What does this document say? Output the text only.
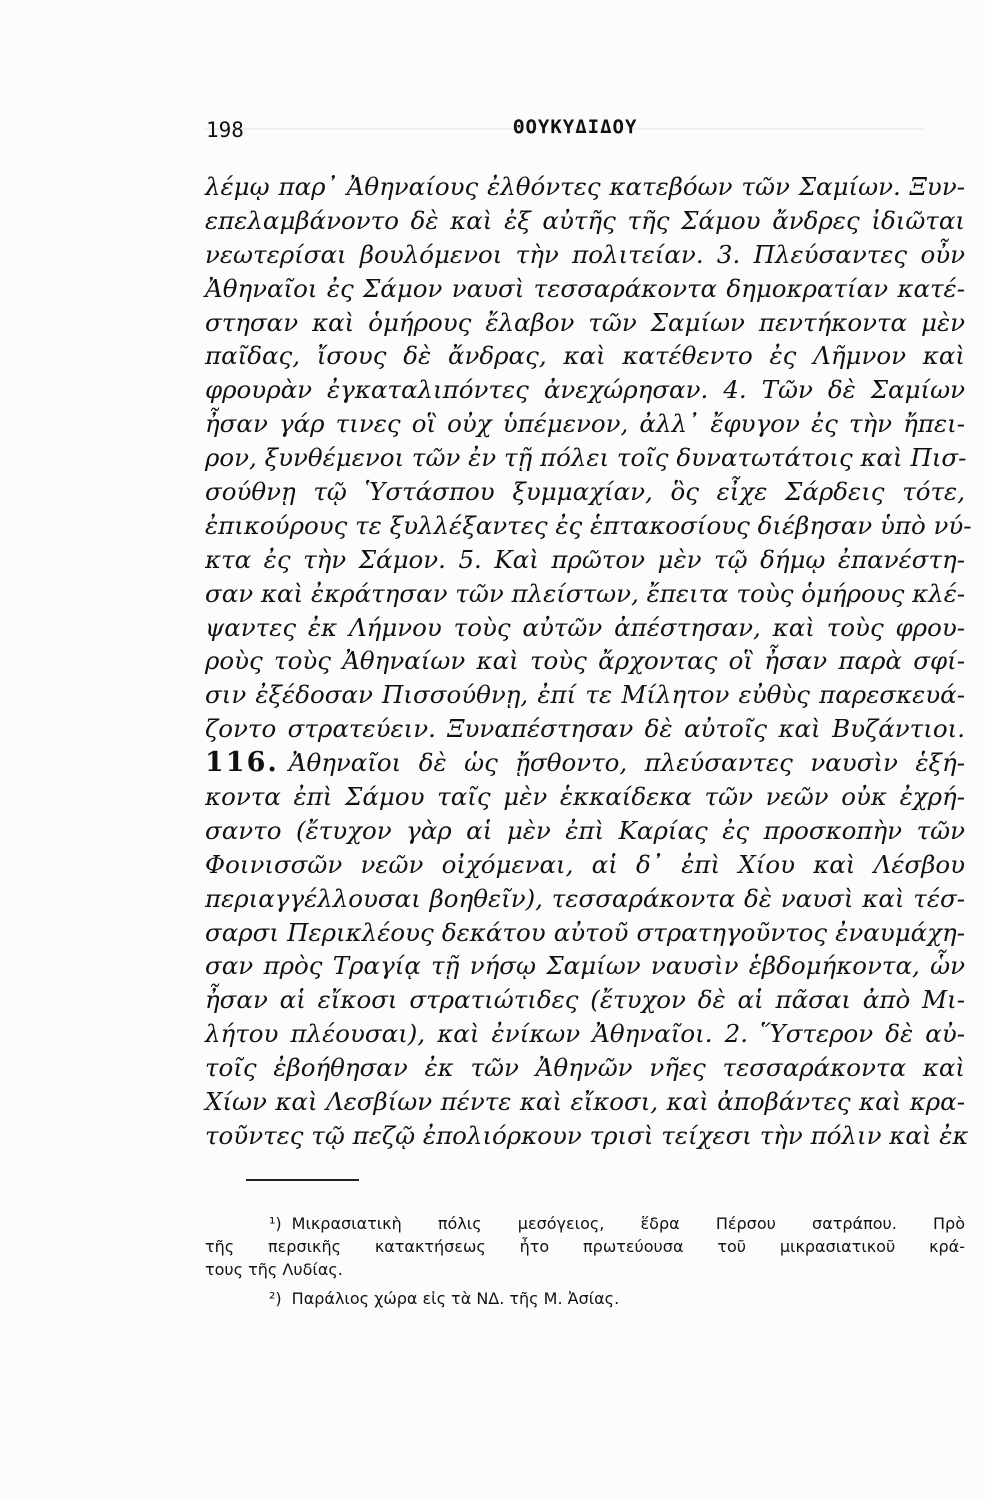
198	ΘΟΥΚΥΔΙΔΟΥ
λέμῳ παρ᾽ Ἀθηναίους ἐλθόντες κατεβόων τῶν Σαμίων. Ξυν-
επελαμβάνοντο δὲ καὶ ἐξ αὐτῆς τῆς Σάμου ἄνδρες ἰδιῶται
νεωτερίσαι βουλόμενοι τὴν πολιτείαν. 3. Πλεύσαντες οὖν
Ἀθηναῖοι ἐς Σάμον ναυσὶ τεσσαράκοντα δημοκρατίαν κατέ-
στησαν καὶ ὁμήρους ἔλαβον τῶν Σαμίων πεντήκοντα μὲν
παῖδας, ἴσους δὲ ἄνδρας, καὶ κατέθεντο ἐς Λῆμνον καὶ
φρουρὰν ἐγκαταλιπόντες ἀνεχώρησαν. 4. Τῶν δὲ Σαμίων
ἦσαν γάρ τινες οἳ οὐχ ὑπέμενον, ἀλλ᾽ ἔφυγον ἐς τὴν ἤπει-
ρον, ξυνθέμενοι τῶν ἐν τῇ πόλει τοῖς δυνατωτάτοις καὶ Πισ-
σούθνῃ τῷ Ὑστάσπου ξυμμαχίαν, ὃς εἶχε Σάρδεις τότε,
ἐπικούρους τε ξυλλέξαντες ἐς ἑπτακοσίους διέβησαν ὑπὸ νύ-
κτα ἐς τὴν Σάμον. 5. Καὶ πρῶτον μὲν τῷ δήμῳ ἐπανέστη-
σαν καὶ ἐκράτησαν τῶν πλείστων, ἔπειτα τοὺς ὁμήρους κλέ-
ψαντες ἐκ Λήμνου τοὺς αὐτῶν ἀπέστησαν, καὶ τοὺς φρου-
ροὺς τοὺς Ἀθηναίων καὶ τοὺς ἄρχοντας οἳ ἦσαν παρὰ σφί-
σιν ἐξέδοσαν Πισσούθνῃ, ἐπί τε Μίλητον εὐθὺς παρεσκευά-
ζοντο στρατεύειν. Ξυναπέστησαν δὲ αὐτοῖς καὶ Βυζάντιοι.
116. Ἀθηναῖοι δὲ ὡς ᾔσθοντο, πλεύσαντες ναυσὶν ἑξή-
κοντα ἐπὶ Σάμου ταῖς μὲν ἑκκαίδεκα τῶν νεῶν οὐκ ἐχρή-
σαντο (ἔτυχον γὰρ αἱ μὲν ἐπὶ Καρίας ἐς προσκοπὴν τῶν
Φοινισσῶν νεῶν οἰχόμεναι, αἱ δ᾽ ἐπὶ Χίου καὶ Λέσβου
περιαγγέλλουσαι βοηθεῖν), τεσσαράκοντα δὲ ναυσὶ καὶ τέσ-
σαρσι Περικλέους δεκάτου αὐτοῦ στρατηγοῦντος ἐναυμάχη-
σαν πρὸς Τραγίᾳ τῇ νήσῳ Σαμίων ναυσὶν ἑβδομήκοντα, ὧν
ἦσαν αἱ εἴκοσι στρατιώτιδες (ἔτυχον δὲ αἱ πᾶσαι ἀπὸ Μι-
λήτου πλέουσαι), καὶ ἐνίκων Ἀθηναῖοι. 2. Ὕστερον δὲ αὐ-
τοῖς ἐβοήθησαν ἐκ τῶν Ἀθηνῶν νῆες τεσσαράκοντα καὶ
Χίων καὶ Λεσβίων πέντε καὶ εἴκοσι, καὶ ἀποβάντες καὶ κρα-
τοῦντες τῷ πεζῷ ἐπολιόρκουν τρισὶ τείχεσι τὴν πόλιν καὶ ἐκ
¹) Μικρασιατικὴ πόλις μεσόγειος, ἕδρα Πέρσου σατράπου. Πρὸ
τῆς περσικῆς κατακτήσεως ἦτο πρωτεύουσα τοῦ μικρασιατικοῦ κρά-
τους τῆς Λυδίας.
²) Παράλιος χώρα εἰς τὰ ΝΔ. τῆς Μ. Ἀσίας.
